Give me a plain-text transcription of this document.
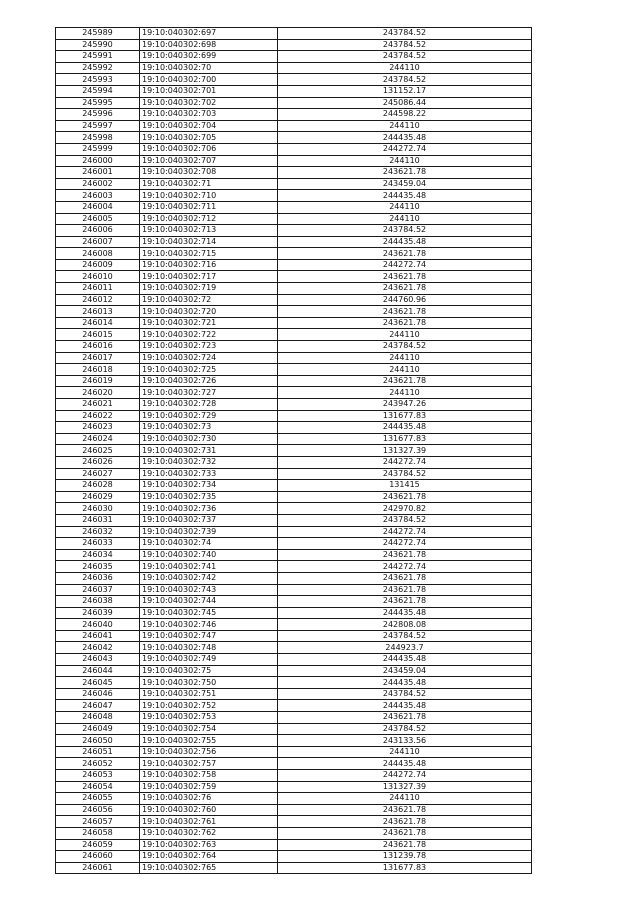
245989	19:10:040302:697	243784.52
245990	19:10:040302:698	243784.52
245991	19:10:040302:699	243784.52
245992	19:10:040302:70	244110
245993	19:10:040302:700	243784.52
245994	19:10:040302:701	131152.17
245995	19:10:040302:702	245086.44
245996	19:10:040302:703	244598.22
245997	19:10:040302:704	244110
245998	19:10:040302:705	244435.48
245999	19:10:040302:706	244272.74
246000	19:10:040302:707	244110
246001	19:10:040302:708	243621.78
246002	19:10:040302:71	243459.04
246003	19:10:040302:710	244435.48
246004	19:10:040302:711	244110
246005	19:10:040302:712	244110
246006	19:10:040302:713	243784.52
246007	19:10:040302:714	244435.48
246008	19:10:040302:715	243621.78
246009	19:10:040302:716	244272.74
246010	19:10:040302:717	243621.78
246011	19:10:040302:719	243621.78
246012	19:10:040302:72	244760.96
246013	19:10:040302:720	243621.78
246014	19:10:040302:721	243621.78
246015	19:10:040302:722	244110
246016	19:10:040302:723	243784.52
246017	19:10:040302:724	244110
246018	19:10:040302:725	244110
246019	19:10:040302:726	243621.78
246020	19:10:040302:727	244110
246021	19:10:040302:728	243947.26
246022	19:10:040302:729	131677.83
246023	19:10:040302:73	244435.48
246024	19:10:040302:730	131677.83
246025	19:10:040302:731	131327.39
246026	19:10:040302:732	244272.74
246027	19:10:040302:733	243784.52
246028	19:10:040302:734	131415
246029	19:10:040302:735	243621.78
246030	19:10:040302:736	242970.82
246031	19:10:040302:737	243784.52
246032	19:10:040302:739	244272.74
246033	19:10:040302:74	244272.74
246034	19:10:040302:740	243621.78
246035	19:10:040302:741	244272.74
246036	19:10:040302:742	243621.78
246037	19:10:040302:743	243621.78
246038	19:10:040302:744	243621.78
246039	19:10:040302:745	244435.48
246040	19:10:040302:746	242808.08
246041	19:10:040302:747	243784.52
246042	19:10:040302:748	244923.7
246043	19:10:040302:749	244435.48
246044	19:10:040302:75	243459.04
246045	19:10:040302:750	244435.48
246046	19:10:040302:751	243784.52
246047	19:10:040302:752	244435.48
246048	19:10:040302:753	243621.78
246049	19:10:040302:754	243784.52
246050	19:10:040302:755	243133.56
246051	19:10:040302:756	244110
246052	19:10:040302:757	244435.48
246053	19:10:040302:758	244272.74
246054	19:10:040302:759	131327.39
246055	19:10:040302:76	244110
246056	19:10:040302:760	243621.78
246057	19:10:040302:761	243621.78
246058	19:10:040302:762	243621.78
246059	19:10:040302:763	243621.78
246060	19:10:040302:764	131239.78
246061	19:10:040302:765	131677.83
